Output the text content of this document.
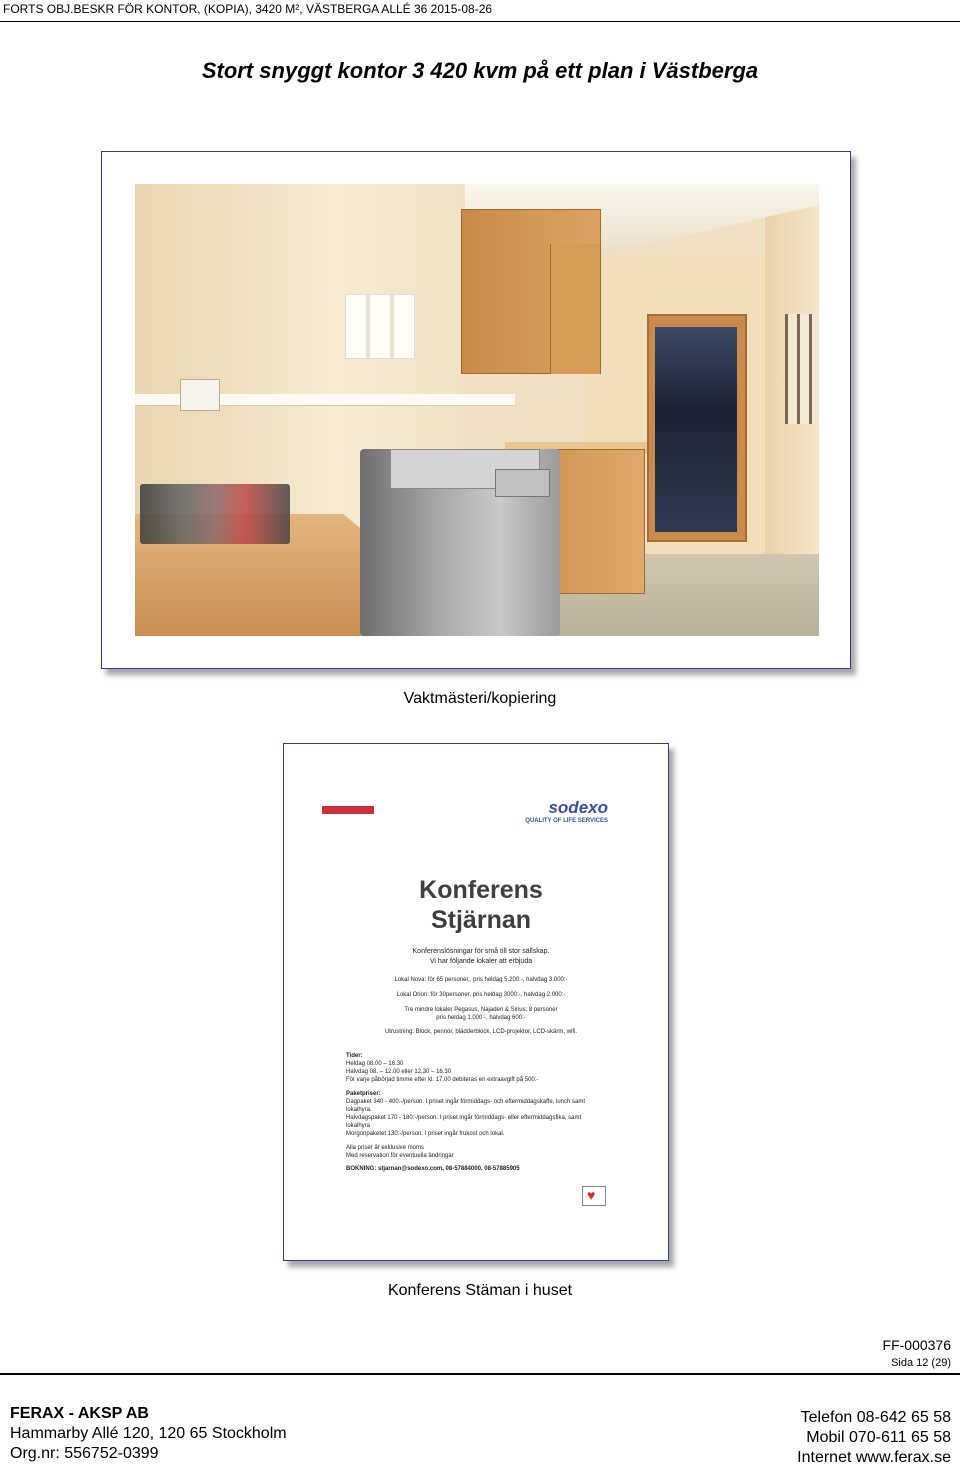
FORTS OBJ.BESKR FÖR KONTOR, (KOPIA), 3420 M², VÄSTBERGA ALLÉ 36 2015-08-26
Stort snyggt kontor 3 420 kvm på ett plan i Västberga
Vaktmästeri/kopiering
sodexo
QUALITY OF LIFE SERVICES
Konferens
Stjärnan
Konferenslösningar för små till stor sällskap.
Vi har följande lokaler att erbjuda
Lokal Nova: för 65 personer,. pris heldag 5.200:-, halvdag 3.000:-
Lokal Orion: för 30personer, pris heldag 3000:-, halvdag 2.000:-
Tre mindre lokaler Pegasus, Najaden & Sirius: 8 personer
pris heldag 1.000:-, halvdag 600:-
Utrustning: Block, pennor, blädderblock, LCD-projektor, LCD-skärm, wifi.
Tider:
Heldag 08.00 – 16.30
Halvdag 08. – 12.00 eller 12.30 – 16.30
För varje påbörjad timme efter kl. 17.00 debiteras en extraavgift på 500:-
Paketpriser:
Dagpaket 340 - 400:-/person. I priset ingår förmiddags- och eftermiddagskaffe, lunch samt
lokalhyra.
Halvdagspaket 170 - 180:-/person. I priset ingår förmiddags- eller eftermiddagsfika, samt
lokalhyra
Morgonpaketet 130:-/person. I priset ingår frukost och lokal.
Alla priser är exklusive moms
Med reservation för eventuella ändringar
BOKNING: stjarnan@sodexo.com, 08-57884000, 08-57885905
♥
Konferens Stäman i huset
FF-000376
Sida 12 (29)
FERAX - AKSP AB
Hammarby Allé 120, 120 65 Stockholm
Org.nr: 556752-0399
Telefon 08-642 65 58
Mobil 070-611 65 58
Internet www.ferax.se
